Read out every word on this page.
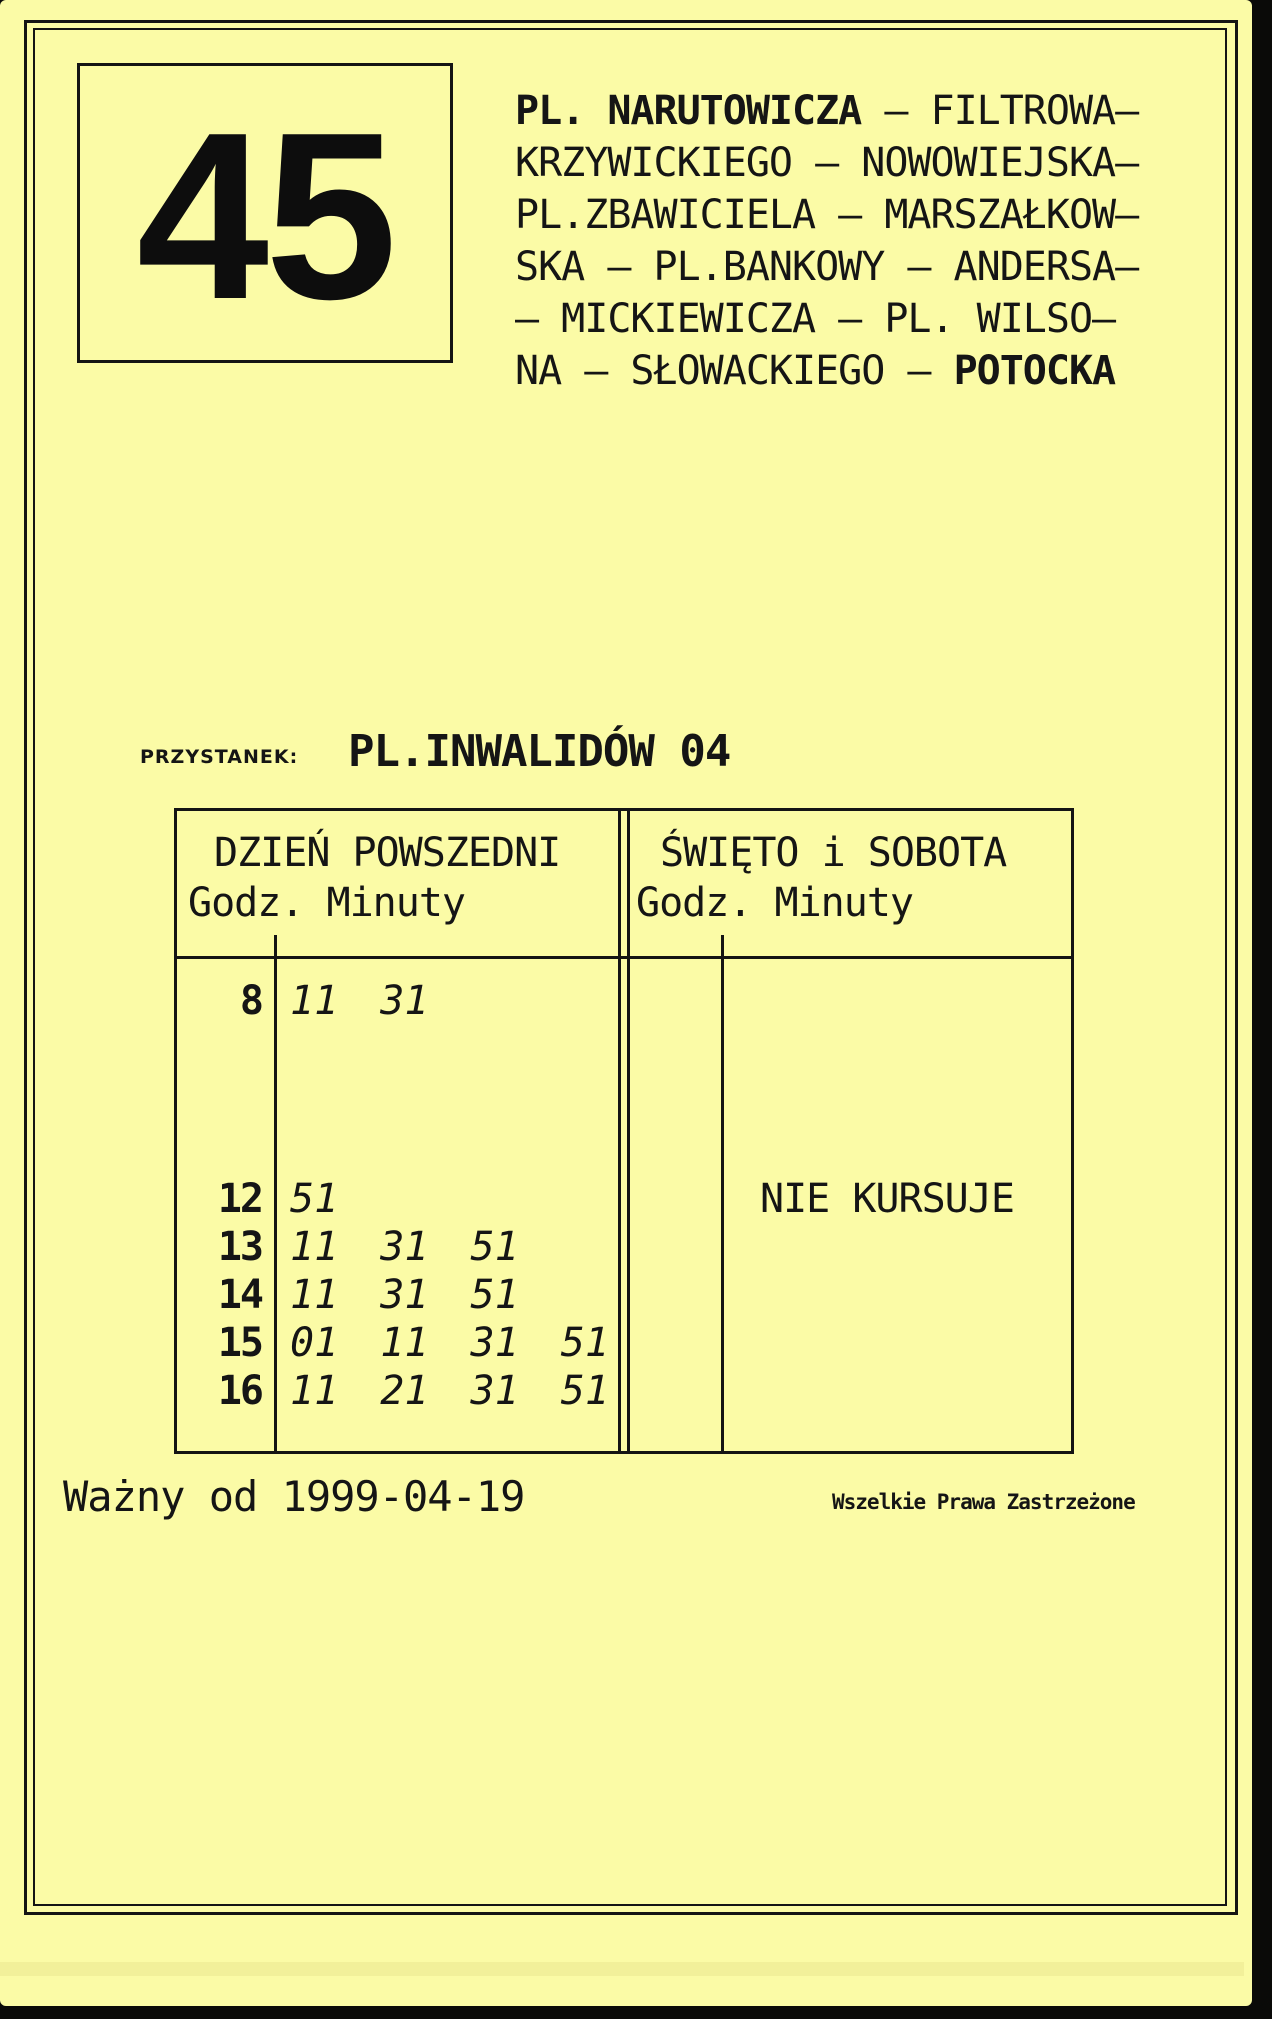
45	PL. NARUTOWICZA – FILTROWA–
KRZYWICKIEGO – NOWOWIEJSKA–
PL.ZBAWICIELA – MARSZAŁKOW–
SKA – PL.BANKOWY – ANDERSA–
– MICKIEWICZA – PL. WILSO–
NA – SŁOWACKIEGO – POTOCKA
PRZYSTANEK: PL.INWALIDÓW 04
DZIEŃ POWSZEDNI
Godz. Minuty
ŚWIĘTO i SOBOTA
Godz. Minuty
8 11 31
12 51
13 11 31 51
14 11 31 51
15 01 11 31 51
16 11 21 31 51
NIE KURSUJE
Ważny od 1999-04-19	Wszelkie Prawa Zastrzeżone
